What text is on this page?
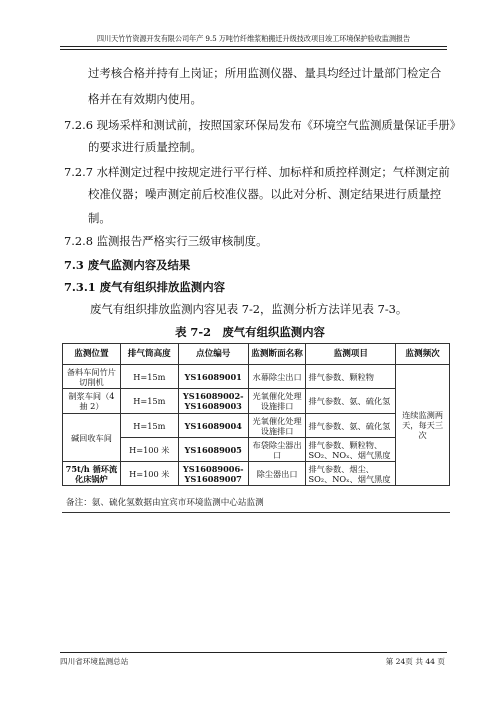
四川天竹竹资源开发有限公司年产 9.5 万吨竹纤维浆粕搬迁升级技改项目竣工环境保护验收监测报告
过考核合格并持有上岗证；所用监测仪器、量具均经过计量部门检定合
格并在有效期内使用。
7.2.6 现场采样和测试前，按照国家环保局发布《环境空气监测质量保证手册》
的要求进行质量控制。
7.2.7 水样测定过程中按规定进行平行样、加标样和质控样测定；气样测定前
校准仪器；噪声测定前后校准仪器。以此对分析、测定结果进行质量控
制。
7.2.8 监测报告严格实行三级审核制度。
7.3 废气监测内容及结果
7.3.1 废气有组织排放监测内容
废气有组织排放监测内容见表 7-2，监测分析方法详见表 7-3。
表 7-2　废气有组织监测内容
监测位置	排气筒高度	点位编号	监测断面名称	监测项目	监测频次
备料车间竹片切削机	H=15m	YS16089001	水幕除尘出口	排气参数、颗粒物	连续监测两天，每天三次
制浆车间（4 抽 2）	H=15m	YS16089002-YS16089003	光氧催化处理设施排口	排气参数、氨、硫化氢	
碱回收车间	H=15m	YS16089004	光氧催化处理设施排口	排气参数、氨、硫化氢	
	H=100 米	YS16089005	布袋除尘器出口	排气参数、颗粒物、SO₂、NOₓ、烟气黑度	
75t/h 循环流化床锅炉	H=100 米	YS16089006-YS16089007	除尘器出口	排气参数、烟尘、SO₂、NOₓ、烟气黑度	
备注：氨、硫化氢数据由宜宾市环境监测中心站监测
四川省环境监测总站	第 24页 共 44 页
